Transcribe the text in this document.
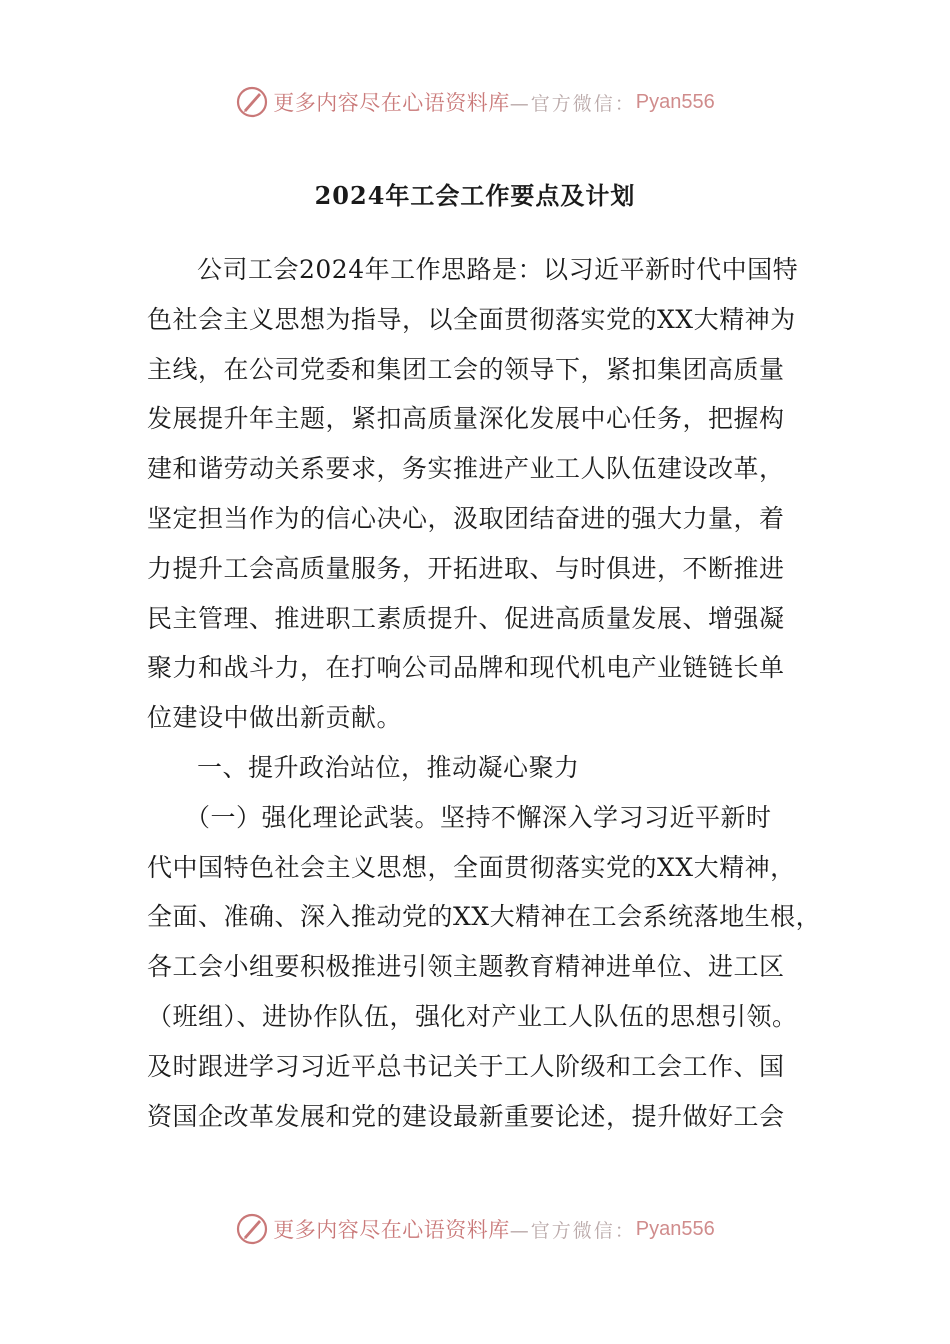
更多内容尽在心语资料库 —官方微信： Pyan556
2024年工会工作要点及计划
公司工会2024年工作思路是：以习近平新时代中国特
色社会主义思想为指导，以全面贯彻落实党的XX大精神为
主线，在公司党委和集团工会的领导下，紧扣集团高质量
发展提升年主题，紧扣高质量深化发展中心任务，把握构
建和谐劳动关系要求，务实推进产业工人队伍建设改革，
坚定担当作为的信心决心，汲取团结奋进的强大力量，着
力提升工会高质量服务，开拓进取、与时俱进，不断推进
民主管理、推进职工素质提升、促进高质量发展、增强凝
聚力和战斗力，在打响公司品牌和现代机电产业链链长单
位建设中做出新贡献。
一、提升政治站位，推动凝心聚力
（一）强化理论武装。坚持不懈深入学习习近平新时
代中国特色社会主义思想，全面贯彻落实党的XX大精神，
全面、准确、深入推动党的XX大精神在工会系统落地生根，
各工会小组要积极推进引领主题教育精神进单位、进工区
（班组）、进协作队伍，强化对产业工人队伍的思想引领。
及时跟进学习习近平总书记关于工人阶级和工会工作、国
资国企改革发展和党的建设最新重要论述，提升做好工会
更多内容尽在心语资料库 —官方微信： Pyan556
